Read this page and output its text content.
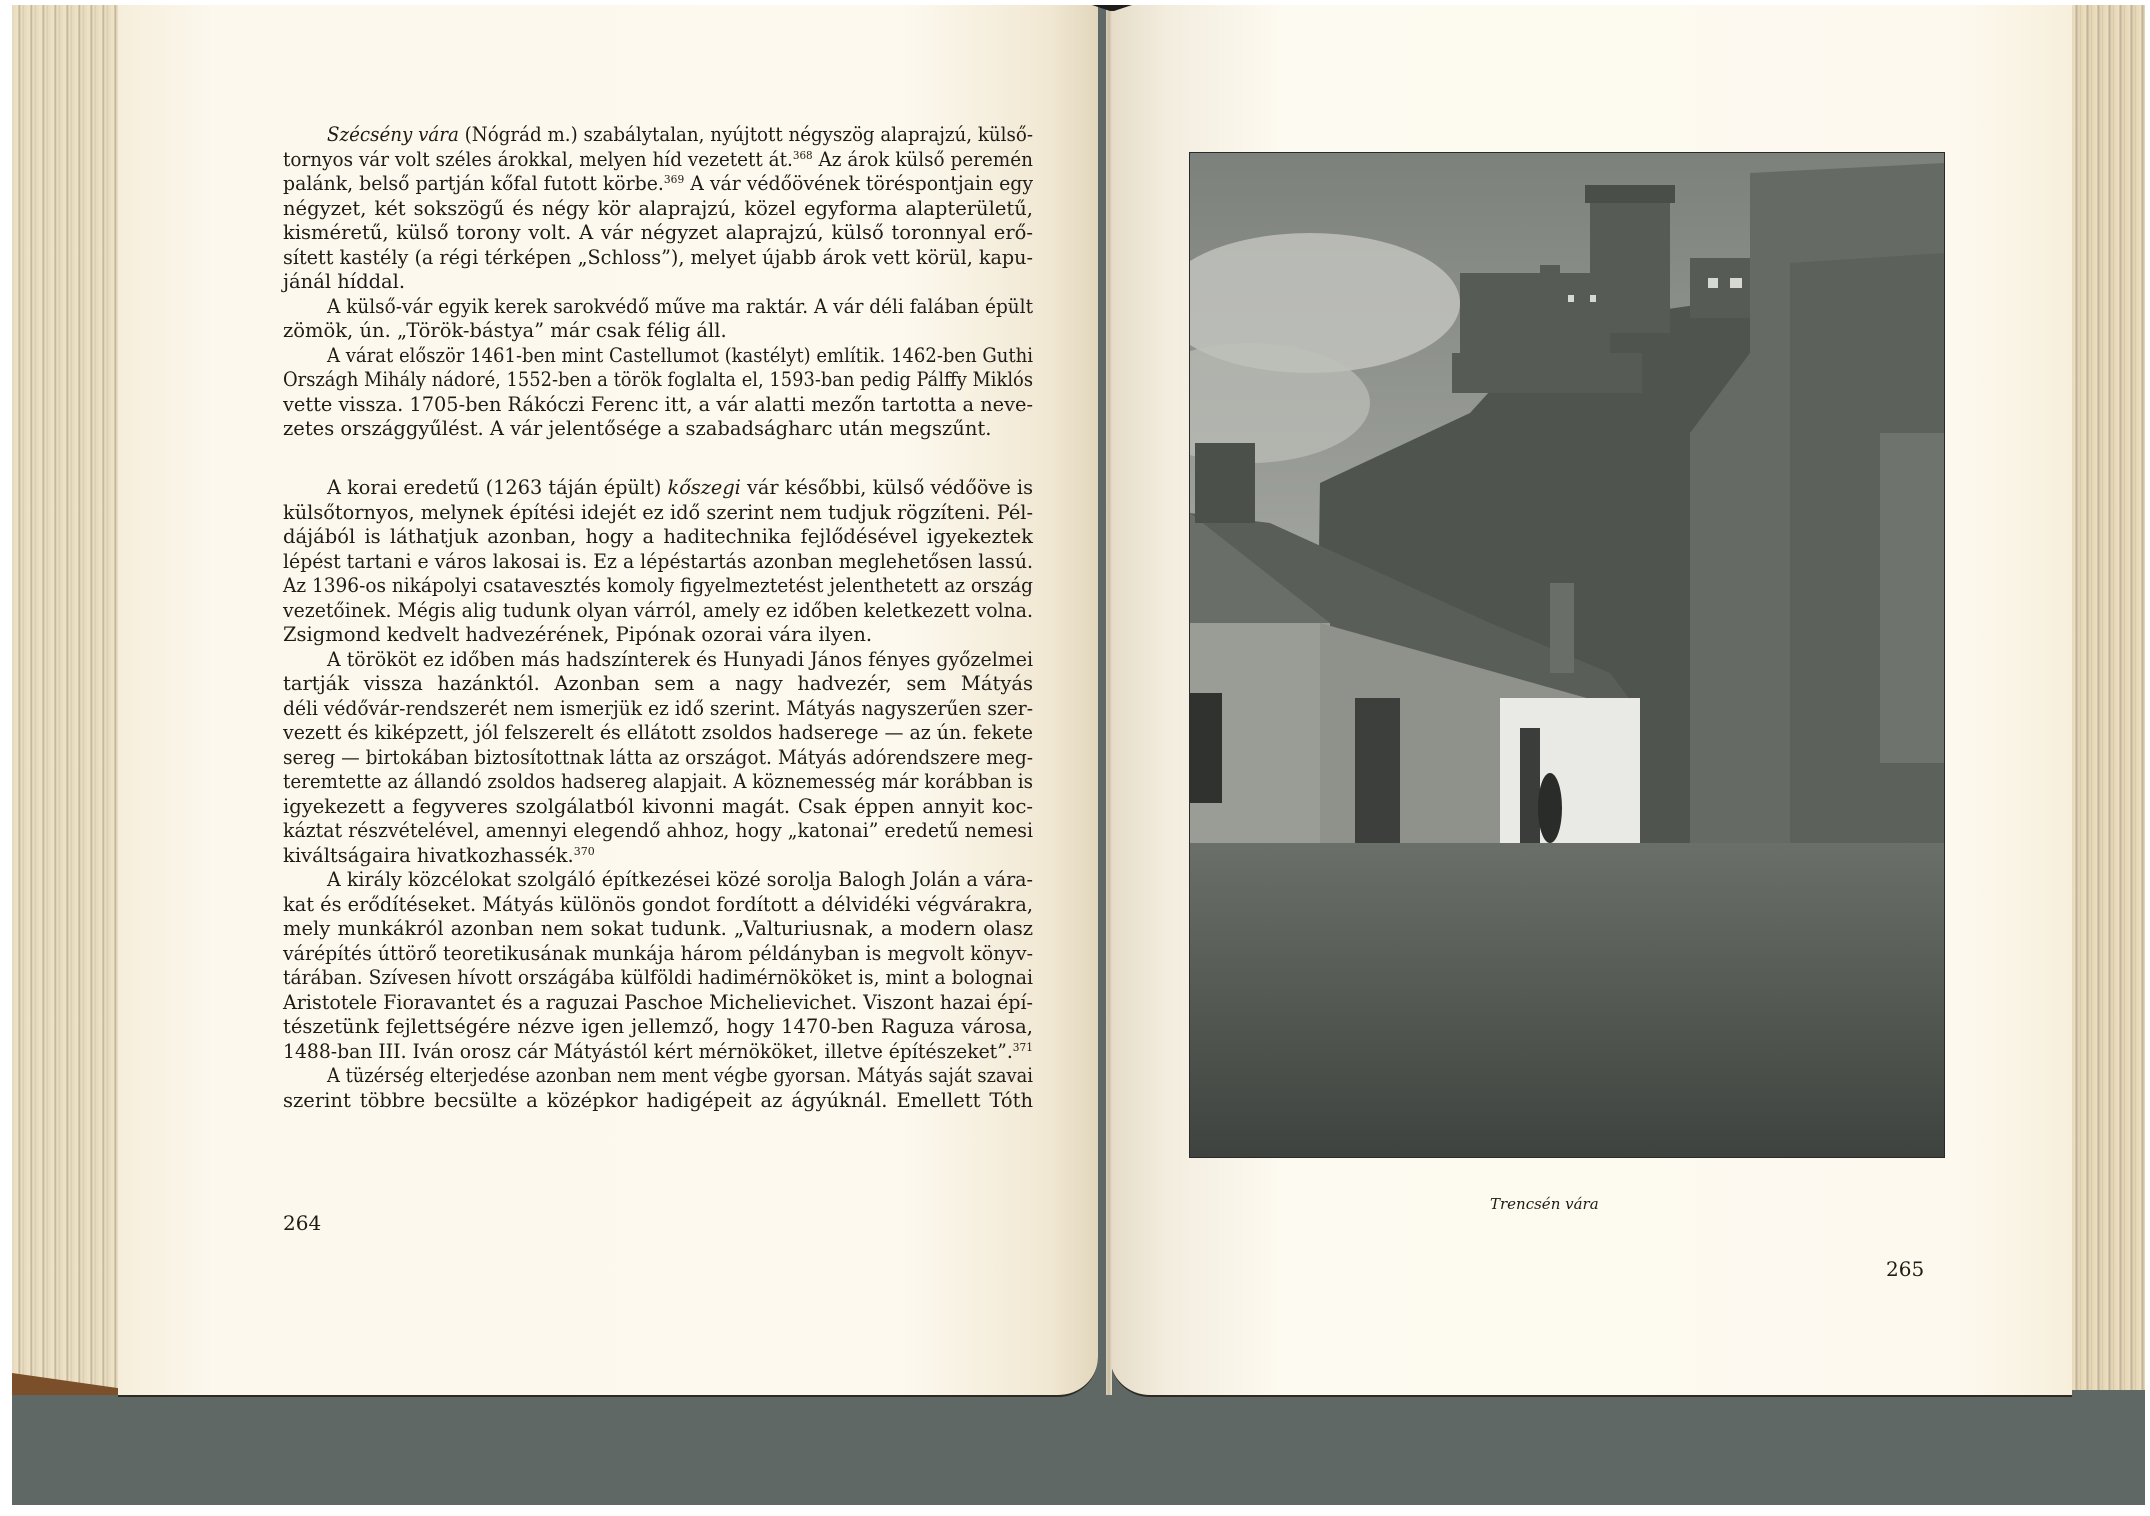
Szécsény vára (Nógrád m.) szabálytalan, nyújtott négyszög alaprajzú, külső-
tornyos vár volt széles árokkal, melyen híd vezetett át.$^{368}$ Az árok külső peremén
palánk, belső partján kőfal futott körbe.$^{369}$ A vár védőövének töréspontjain egy
négyzet, két sokszögű és négy kör alaprajzú, közel egyforma alapterületű,
kisméretű, külső torony volt. A vár négyzet alaprajzú, külső toronnyal erő-
sített kastély (a régi térképen „Schloss”), melyet újabb árok vett körül, kapu-
jánál híddal.
A külső-vár egyik kerek sarokvédő műve ma raktár. A vár déli falában épült
zömök, ún. „Török-bástya” már csak félig áll.
A várat először 1461-ben mint Castellumot (kastélyt) említik. 1462-ben Guthi
Országh Mihály nádoré, 1552-ben a török foglalta el, 1593-ban pedig Pálffy Miklós
vette vissza. 1705-ben Rákóczi Ferenc itt, a vár alatti mezőn tartotta a neve-
zetes országgyűlést. A vár jelentősége a szabadságharc után megszűnt.
A korai eredetű (1263 táján épült) kőszegi vár későbbi, külső védőöve is
külsőtornyos, melynek építési idejét ez idő szerint nem tudjuk rögzíteni. Pél-
dájából is láthatjuk azonban, hogy a haditechnika fejlődésével igyekeztek
lépést tartani e város lakosai is. Ez a lépéstartás azonban meglehetősen lassú.
Az 1396-os nikápolyi csatavesztés komoly figyelmeztetést jelenthetett az ország
vezetőinek. Mégis alig tudunk olyan várról, amely ez időben keletkezett volna.
Zsigmond kedvelt hadvezérének, Pipónak ozorai vára ilyen.
A törököt ez időben más hadszínterek és Hunyadi János fényes győzelmei
tartják vissza hazánktól. Azonban sem a nagy hadvezér, sem Mátyás
déli védővár-rendszerét nem ismerjük ez idő szerint. Mátyás nagyszerűen szer-
vezett és kiképzett, jól felszerelt és ellátott zsoldos hadserege — az ún. fekete
sereg — birtokában biztosítottnak látta az országot. Mátyás adórendszere meg-
teremtette az állandó zsoldos hadsereg alapjait. A köznemesség már korábban is
igyekezett a fegyveres szolgálatból kivonni magát. Csak éppen annyit koc-
káztat részvételével, amennyi elegendő ahhoz, hogy „katonai” eredetű nemesi
kiváltságaira hivatkozhassék.$^{370}$
A király közcélokat szolgáló építkezései közé sorolja Balogh Jolán a vára-
kat és erődítéseket. Mátyás különös gondot fordított a délvidéki végvárakra,
mely munkákról azonban nem sokat tudunk. „Valturiusnak, a modern olasz
várépítés úttörő teoretikusának munkája három példányban is megvolt könyv-
tárában. Szívesen hívott országába külföldi hadimérnököket is, mint a bolognai
Aristotele Fioravantet és a raguzai Paschoe Michelievichet. Viszont hazai épí-
tészetünk fejlettségére nézve igen jellemző, hogy 1470-ben Raguza városa,
1488-ban III. Iván orosz cár Mátyástól kért mérnököket, illetve építészeket”.$^{371}$
A tüzérség elterjedése azonban nem ment végbe gyorsan. Mátyás saját szavai
szerint többre becsülte a középkor hadigépeit az ágyúknál. Emellett Tóth
264
Trencsén vára
265
